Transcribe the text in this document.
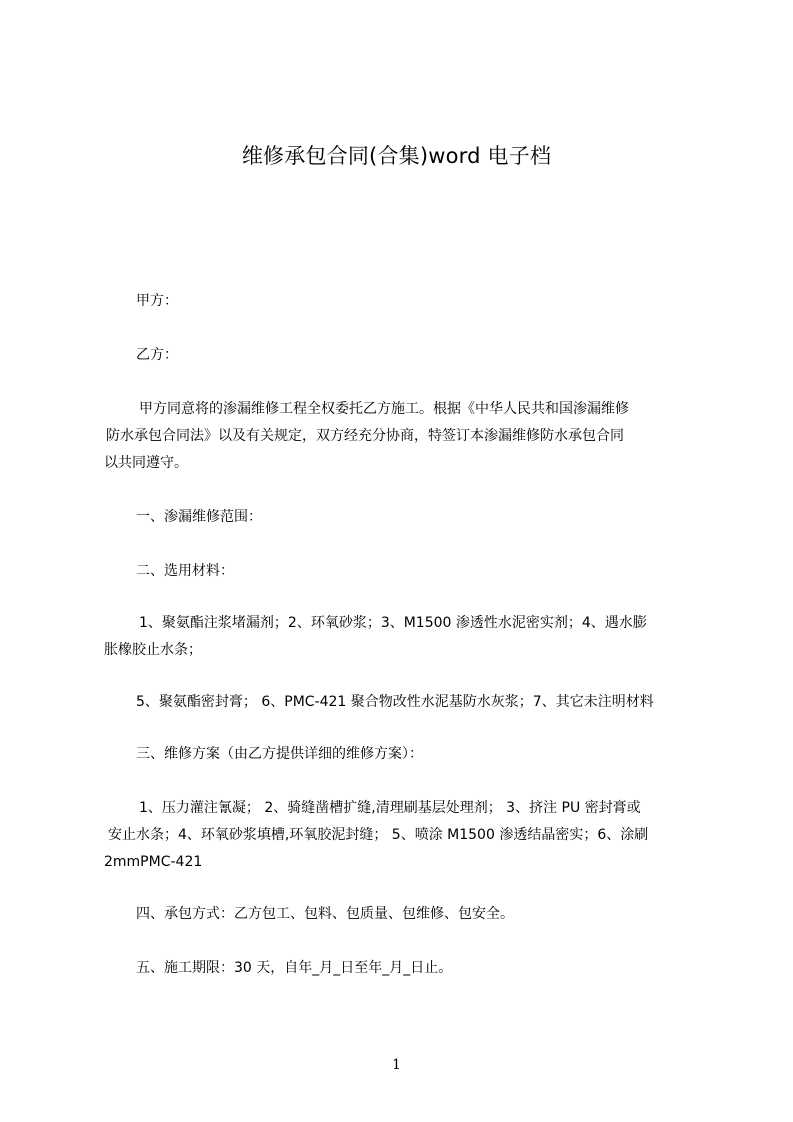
维修承包合同(合集)word 电子档
甲方：
乙方：
甲方同意将的渗漏维修工程全权委托乙方施工。根据《中华人民共和国渗漏维修
防水承包合同法》以及有关规定，双方经充分协商，特签订本渗漏维修防水承包合同
以共同遵守。
一、渗漏维修范围：
二、选用材料：
1、聚氨酯注浆堵漏剂；2、环氧砂浆；3、M1500 渗透性水泥密实剂；4、遇水膨
胀橡胶止水条；
5、聚氨酯密封膏； 6、PMC-421 聚合物改性水泥基防水灰浆；7、其它未注明材料
三、维修方案（由乙方提供详细的维修方案）：
1、压力灌注氰凝； 2、骑缝凿槽扩缝,清理刷基层处理剂； 3、挤注 PU 密封膏或
安止水条；4、环氧砂浆填槽,环氧胶泥封缝； 5、喷涂 M1500 渗透结晶密实；6、涂刷
2mmPMC-421
四、承包方式：乙方包工、包料、包质量、包维修、包安全。
五、施工期限：30 天，自年_月_日至年_月_日止。
1
